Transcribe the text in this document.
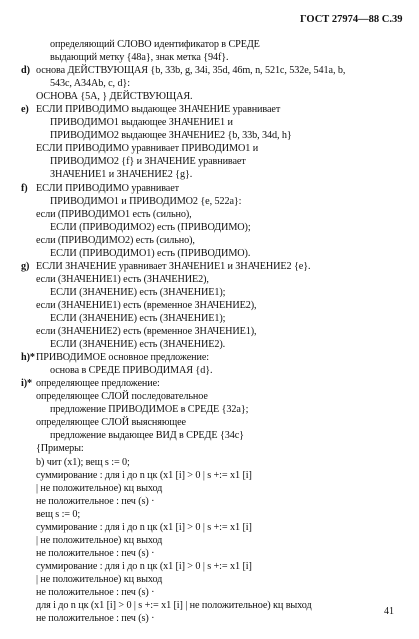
ГОСТ 27974—88 С.39
определяющий СЛОВО идентификатор в СРЕДЕ
выдающий метку {48a}, знак метка {94f}.
d) основа ДЕЙСТВУЮЩАЯ {b, 33b, g, 34i, 35d, 46m, n, 521c, 532e, 541a, b,
543c, A34Ab, c, d}:
ОСНОВА {5A, } ДЕЙСТВУЮЩАЯ.
e) ЕСЛИ ПРИВОДИМО выдающее ЗНАЧЕНИЕ уравнивает
ПРИВОДИМО1 выдающее ЗНАЧЕНИЕ1 и
ПРИВОДИМО2 выдающее ЗНАЧЕНИЕ2 {b, 33b, 34d, h}
ЕСЛИ ПРИВОДИМО уравнивает ПРИВОДИМО1 и
ПРИВОДИМО2 {f} и ЗНАЧЕНИЕ уравнивает
ЗНАЧЕНИЕ1 и ЗНАЧЕНИЕ2 {g}.
f) ЕСЛИ ПРИВОДИМО уравнивает
ПРИВОДИМО1 и ПРИВОДИМО2 {e, 522a}:
если (ПРИВОДИМО1 есть (сильно),
ЕСЛИ (ПРИВОДИМО2) есть (ПРИВОДИМО);
если (ПРИВОДИМО2) есть (сильно),
ЕСЛИ (ПРИВОДИМО1) есть (ПРИВОДИМО).
g) ЕСЛИ ЗНАЧЕНИЕ уравнивает ЗНАЧЕНИЕ1 и ЗНАЧЕНИЕ2 {e}.
если (ЗНАЧЕНИЕ1) есть (ЗНАЧЕНИЕ2),
ЕСЛИ (ЗНАЧЕНИЕ) есть (ЗНАЧЕНИЕ1);
если (ЗНАЧЕНИЕ1) есть (временное ЗНАЧЕНИЕ2),
ЕСЛИ (ЗНАЧЕНИЕ) есть (ЗНАЧЕНИЕ1);
если (ЗНАЧЕНИЕ2) есть (временное ЗНАЧЕНИЕ1),
ЕСЛИ (ЗНАЧЕНИЕ) есть (ЗНАЧЕНИЕ2).
h)*ПРИВОДИМОЕ основное предложение:
основа в СРЕДЕ ПРИВОДИМАЯ {d}.
i)* определяющее предложение:
определяющее СЛОЙ последовательное
предложение ПРИВОДИМОЕ в СРЕДЕ {32a};
определяющее СЛОЙ выясняющее
предложение выдающее ВИД в СРЕДЕ {34c}
{Примеры:
b) чит (x1); вещ s := 0;
суммирование : для i до n цк (x1 [i] > 0 | s +:= x1 [i]
| не положительное) кц выход
не положительное : печ (s) ·
вещ s := 0;
суммирование : для i до n цк (x1 [i] > 0 | s +:= x1 [i]
| не положительное) кц выход
не положительное : печ (s) ·
суммирование : для i до n цк (x1 [i] > 0 | s +:= x1 [i]
| не положительное) кц выход
не положительное : печ (s) ·
для i до n цк (x1 [i] > 0 | s +:= x1 [i] | не положительное) кц выход
не положительное : печ (s) ·
41
